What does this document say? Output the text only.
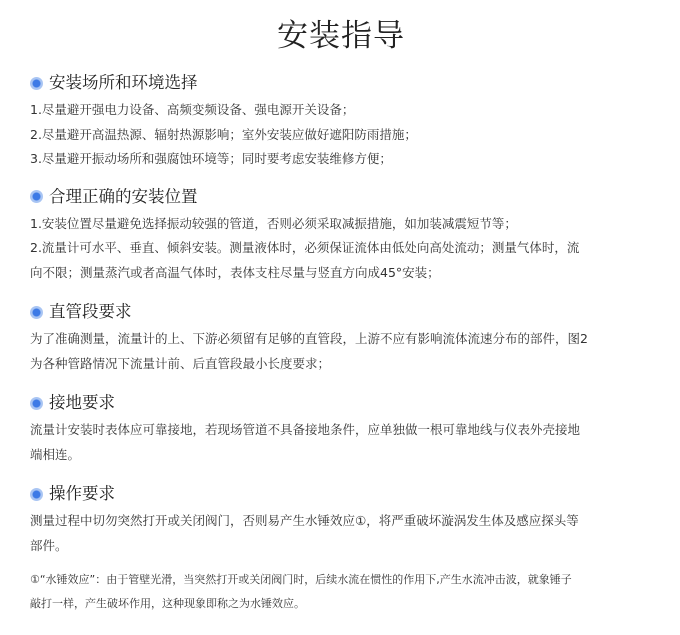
安装指导
安装场所和环境选择
1.尽量避开强电力设备、高频变频设备、强电源开关设备；
2.尽量避开高温热源、辐射热源影响；室外安装应做好遮阳防雨措施；
3.尽量避开振动场所和强腐蚀环境等；同时要考虑安装维修方便；
合理正确的安装位置
1.安装位置尽量避免选择振动较强的管道，否则必须采取减振措施，如加装减震短节等；
2.流量计可水平、垂直、倾斜安装。测量液体时，必须保证流体由低处向高处流动；测量气体时，流
向不限；测量蒸汽或者高温气体时，表体支柱尽量与竖直方向成45°安装；
直管段要求
为了准确测量，流量计的上、下游必须留有足够的直管段，上游不应有影响流体流速分布的部件，图2
为各种管路情况下流量计前、后直管段最小长度要求；
接地要求
流量计安装时表体应可靠接地，若现场管道不具备接地条件，应单独做一根可靠地线与仪表外壳接地
端相连。
操作要求
测量过程中切勿突然打开或关闭阀门，否则易产生水锤效应①，将严重破坏漩涡发生体及感应探头等
部件。
①“水锤效应”：由于管壁光滑，当突然打开或关闭阀门时，后续水流在惯性的作用下,产生水流冲击波，就象锤子
敲打一样，产生破坏作用，这种现象即称之为水锤效应。
